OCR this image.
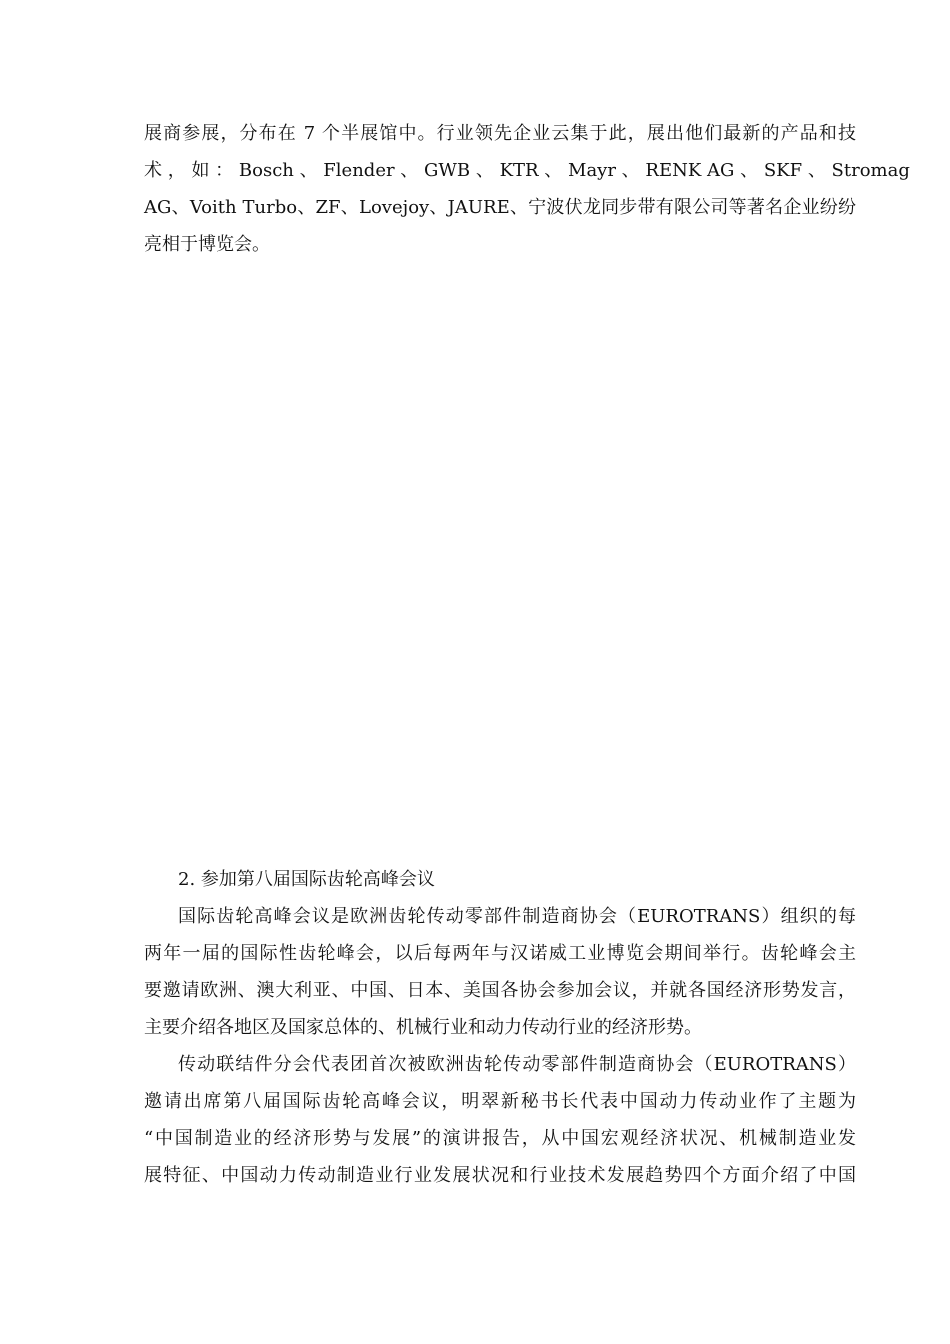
展商参展，分布在 7 个半展馆中。行业领先企业云集于此，展出他们最新的产品和技
术 ， 如 ： Bosch 、 Flender 、 GWB 、 KTR 、 Mayr 、 RENK AG 、 SKF 、 Stromag
AG、Voith Turbo、ZF、Lovejoy、JAURE、宁波伏龙同步带有限公司等著名企业纷纷
亮相于博览会。
2. 参加第八届国际齿轮高峰会议
国际齿轮高峰会议是欧洲齿轮传动零部件制造商协会（EUROTRANS）组织的每
两年一届的国际性齿轮峰会，以后每两年与汉诺威工业博览会期间举行。齿轮峰会主
要邀请欧洲、澳大利亚、中国、日本、美国各协会参加会议，并就各国经济形势发言，
主要介绍各地区及国家总体的、机械行业和动力传动行业的经济形势。
传动联结件分会代表团首次被欧洲齿轮传动零部件制造商协会（EUROTRANS）
邀请出席第八届国际齿轮高峰会议，明翠新秘书长代表中国动力传动业作了主题为
“中国制造业的经济形势与发展”的演讲报告，从中国宏观经济状况、机械制造业发
展特征、中国动力传动制造业行业发展状况和行业技术发展趋势四个方面介绍了中国
